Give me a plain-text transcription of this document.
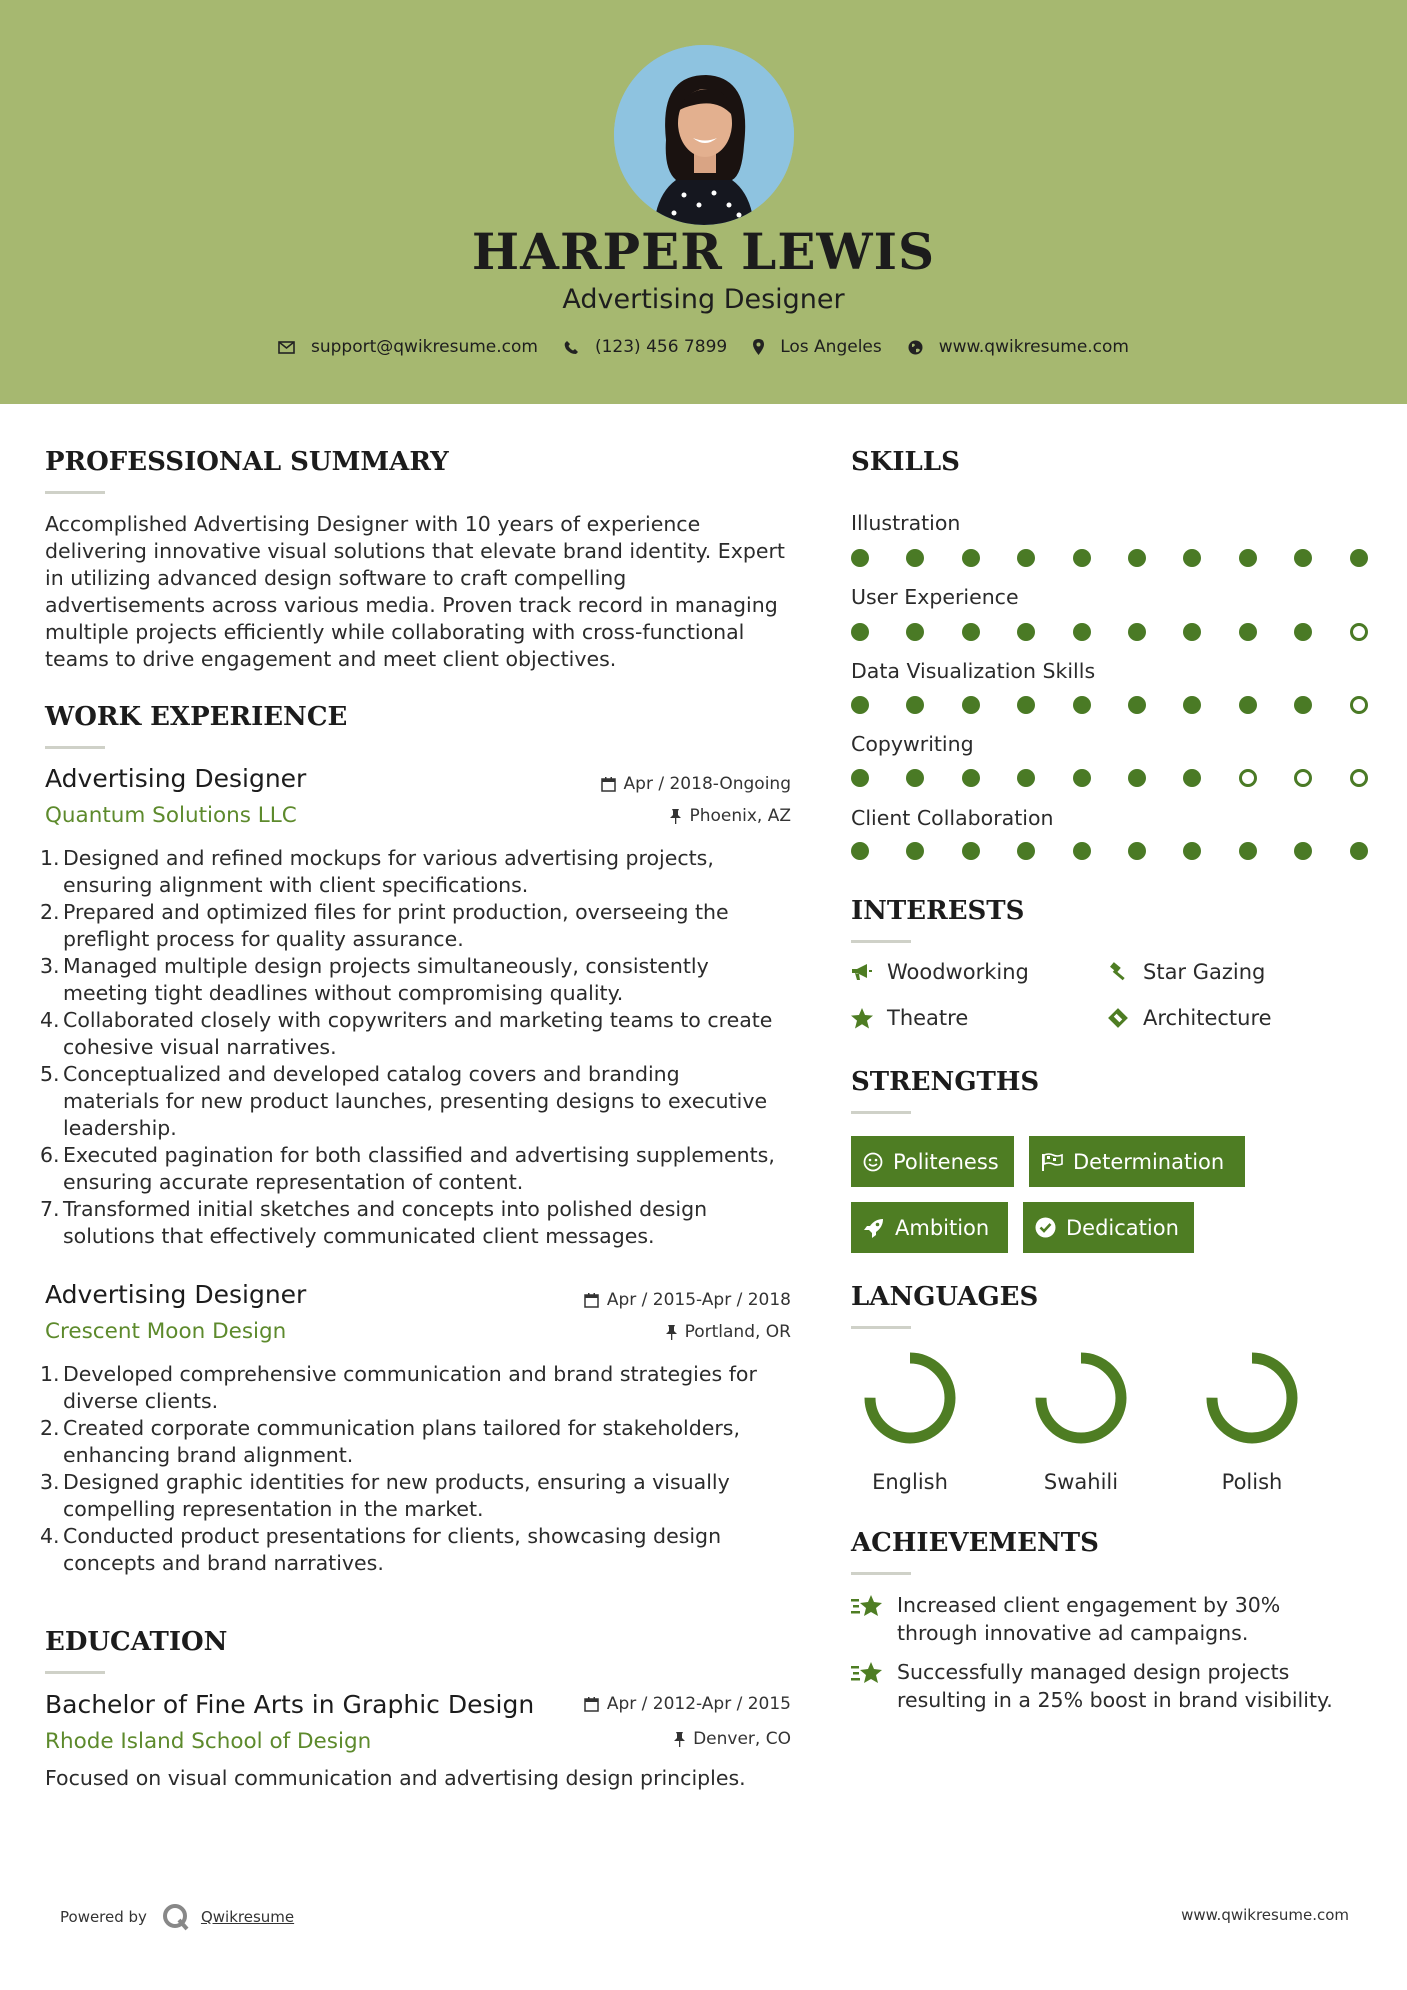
HARPER LEWIS
Advertising Designer
support@qwikresume.com	(123) 456 7899	Los Angeles	www.qwikresume.com
PROFESSIONAL SUMMARY
Accomplished Advertising Designer with 10 years of experience
delivering innovative visual solutions that elevate brand identity. Expert
in utilizing advanced design software to craft compelling
advertisements across various media. Proven track record in managing
multiple projects efficiently while collaborating with cross-functional
teams to drive engagement and meet client objectives.
WORK EXPERIENCE
Advertising Designer
Quantum Solutions LLC
Apr / 2018-Ongoing
Phoenix, AZ
1. Designed and refined mockups for various advertising projects,
ensuring alignment with client specifications.
2. Prepared and optimized files for print production, overseeing the
preflight process for quality assurance.
3. Managed multiple design projects simultaneously, consistently
meeting tight deadlines without compromising quality.
4. Collaborated closely with copywriters and marketing teams to create
cohesive visual narratives.
5. Conceptualized and developed catalog covers and branding
materials for new product launches, presenting designs to executive
leadership.
6. Executed pagination for both classified and advertising supplements,
ensuring accurate representation of content.
7. Transformed initial sketches and concepts into polished design
solutions that effectively communicated client messages.
Advertising Designer
Crescent Moon Design
Apr / 2015-Apr / 2018
Portland, OR
1. Developed comprehensive communication and brand strategies for
diverse clients.
2. Created corporate communication plans tailored for stakeholders,
enhancing brand alignment.
3. Designed graphic identities for new products, ensuring a visually
compelling representation in the market.
4. Conducted product presentations for clients, showcasing design
concepts and brand narratives.
EDUCATION
Bachelor of Fine Arts in Graphic Design
Rhode Island School of Design
Apr / 2012-Apr / 2015
Denver, CO
Focused on visual communication and advertising design principles.
SKILLS
Illustration
User Experience
Data Visualization Skills
Copywriting
Client Collaboration
INTERESTS
Woodworking	Star Gazing
Theatre	Architecture
STRENGTHS
Politeness	Determination
Ambition	Dedication
LANGUAGES
English	Swahili	Polish
ACHIEVEMENTS
Increased client engagement by 30%
through innovative ad campaigns.
Successfully managed design projects
resulting in a 25% boost in brand visibility.
Powered by	Qwikresume	www.qwikresume.com
